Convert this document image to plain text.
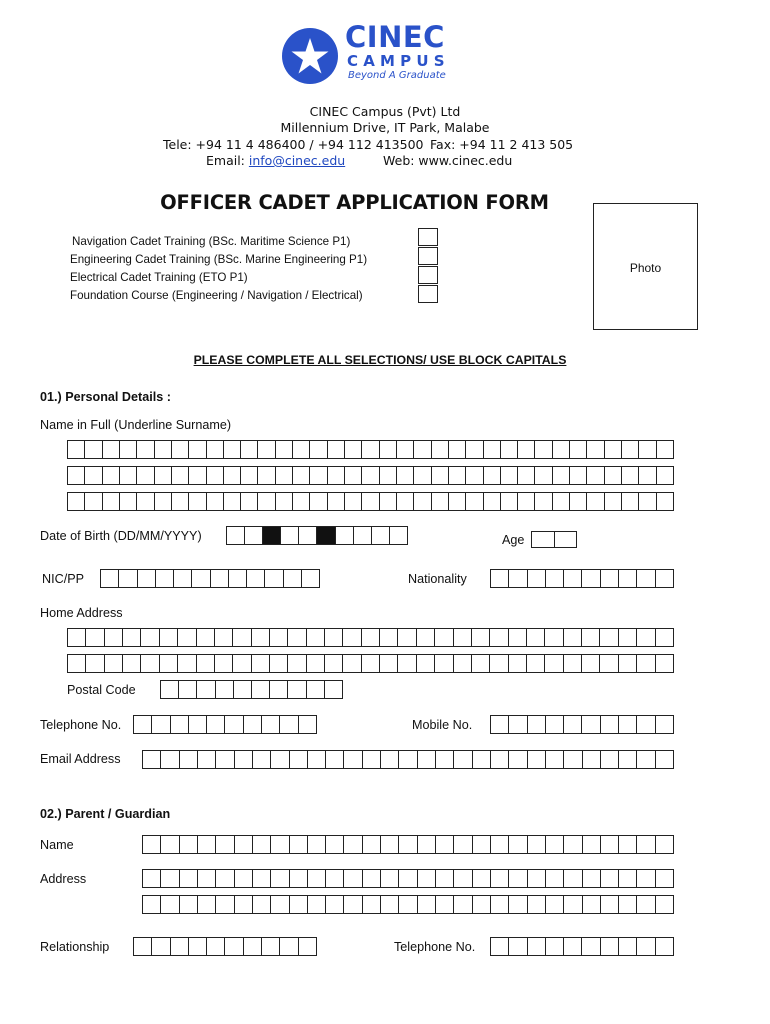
CINEC
CAMPUS
Beyond A Graduate
CINEC Campus (Pvt) Ltd
Millennium Drive, IT Park, Malabe
Tele: +94 11 4 486400 / +94 112 413500 Fax: +94 11 2 413 505
Email: info@cinec.edu	Web: www.cinec.edu
OFFICER CADET APPLICATION FORM
Navigation Cadet Training (BSc. Maritime Science P1)
Engineering Cadet Training (BSc. Marine Engineering P1)
Electrical Cadet Training (ETO P1)
Foundation Course (Engineering / Navigation / Electrical)
Photo
PLEASE COMPLETE ALL SELECTIONS/ USE BLOCK CAPITALS
01.) Personal Details :
Name in Full (Underline Surname)
Date of Birth (DD/MM/YYYY)	Age
NIC/PP	Nationality
Home Address
Postal Code
Telephone No.	Mobile No.
Email Address
02.) Parent / Guardian
Name
Address
Relationship	Telephone No.
